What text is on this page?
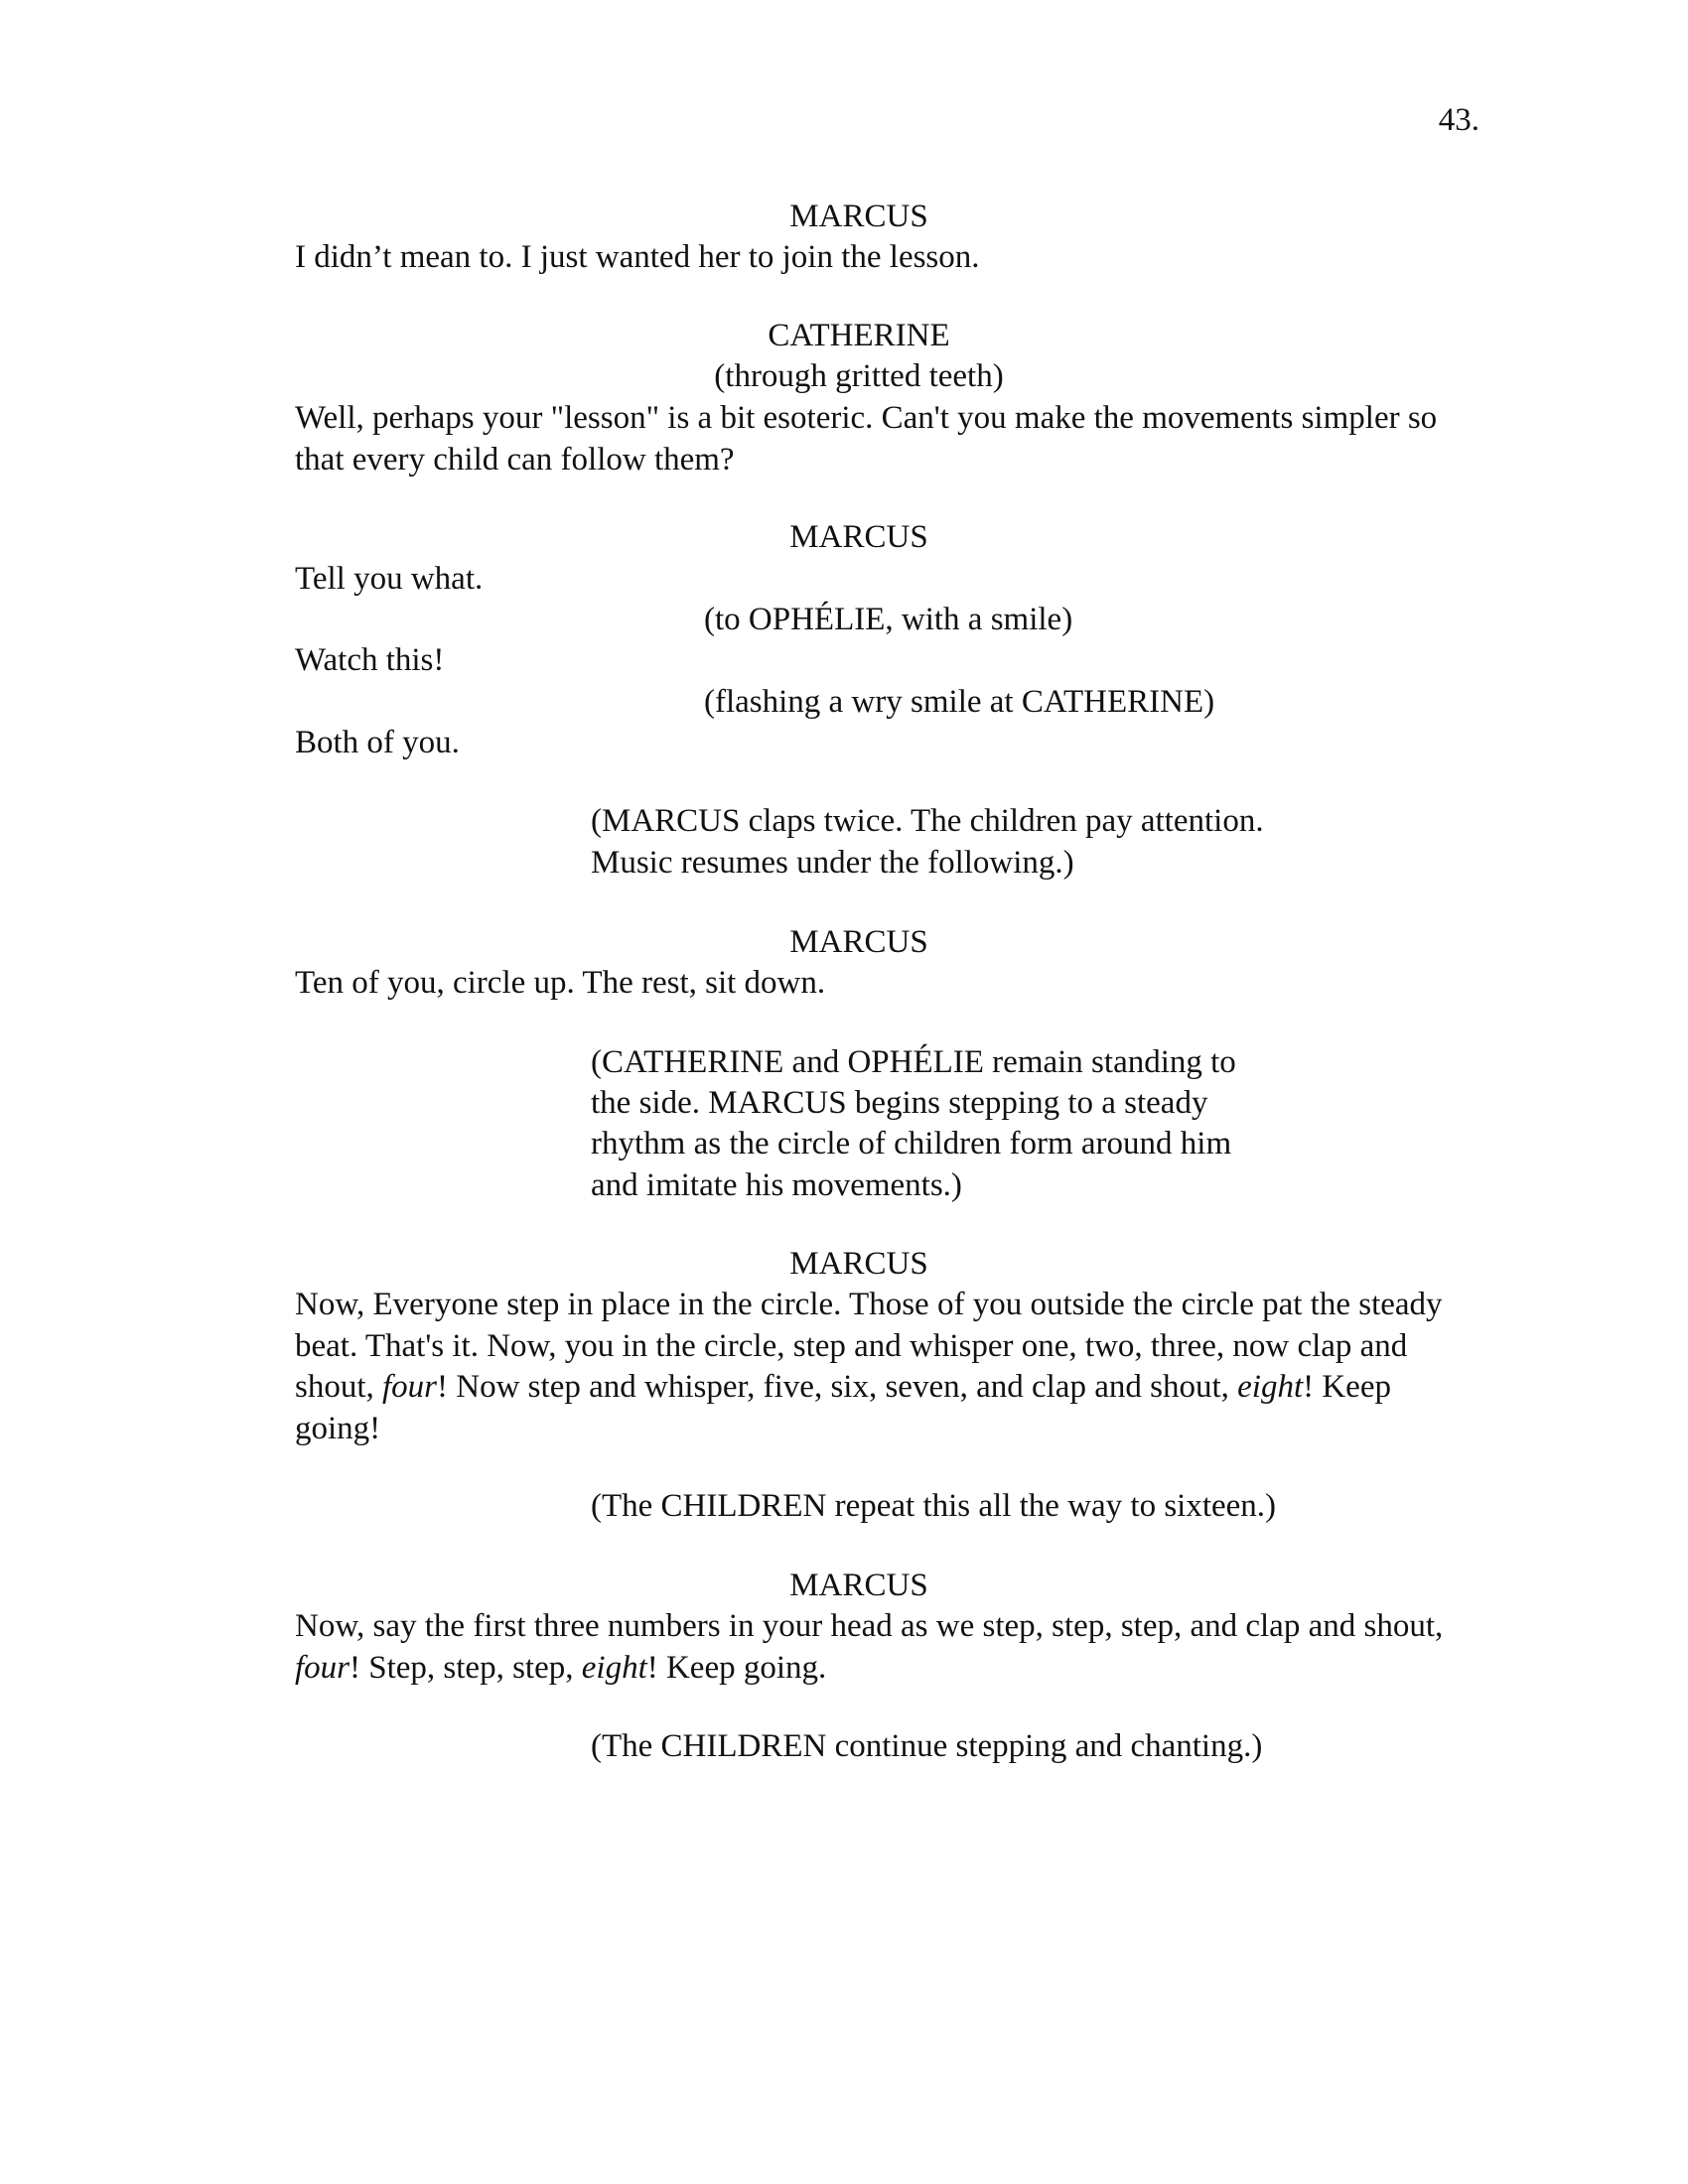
43.
MARCUS
I didn’t mean to. I just wanted her to join the lesson.
CATHERINE
(through gritted teeth)
Well, perhaps your "lesson" is a bit esoteric. Can't you make the movements simpler so
that every child can follow them?
MARCUS
Tell you what.
(to OPHÉLIE, with a smile)
Watch this!
(flashing a wry smile at CATHERINE)
Both of you.
(MARCUS claps twice. The children pay attention.
Music resumes under the following.)
MARCUS
Ten of you, circle up. The rest, sit down.
(CATHERINE and OPHÉLIE remain standing to
the side. MARCUS begins stepping to a steady
rhythm as the circle of children form around him
and imitate his movements.)
MARCUS
Now, Everyone step in place in the circle. Those of you outside the circle pat the steady
beat. That's it. Now, you in the circle, step and whisper one, two, three, now clap and
shout, four! Now step and whisper, five, six, seven, and clap and shout, eight! Keep
going!
(The CHILDREN repeat this all the way to sixteen.)
MARCUS
Now, say the first three numbers in your head as we step, step, step, and clap and shout,
four! Step, step, step, eight! Keep going.
(The CHILDREN continue stepping and chanting.)
